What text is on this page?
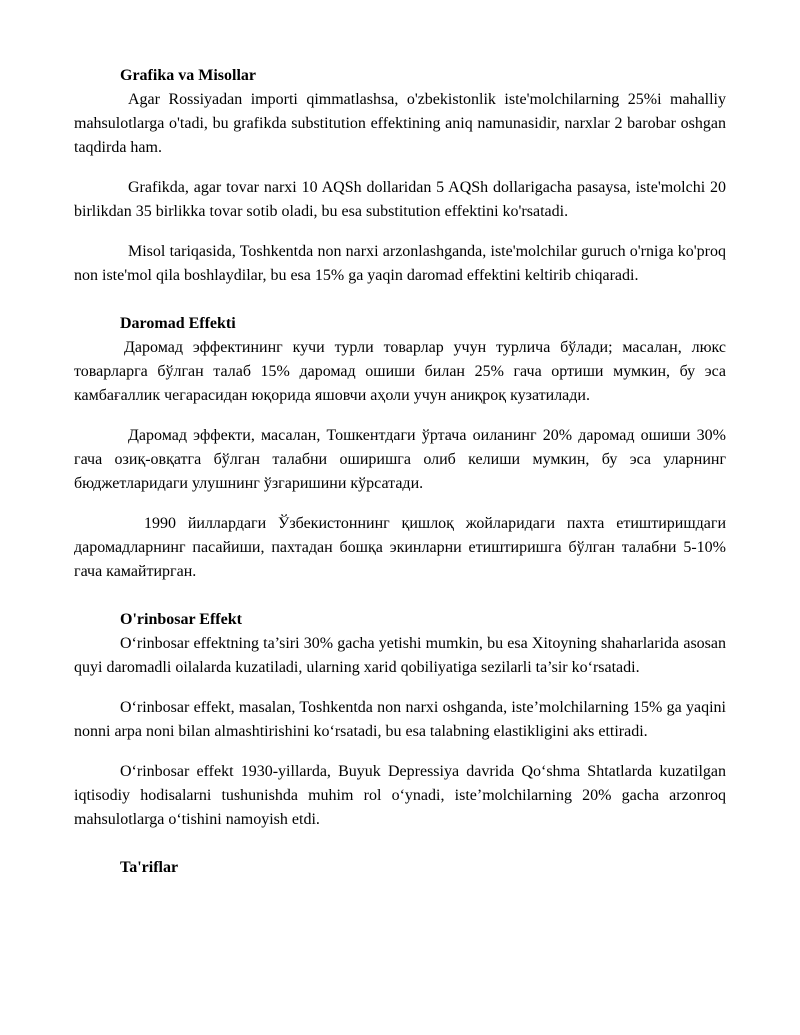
Grafika va Misollar

Agar Rossiyadan importi qimmatlashsa, o'zbekistonlik iste'molchilarning 25%i mahalliy mahsulotlarga o'tadi, bu grafikda substitution effektining aniq namunasidir, narxlar 2 barobar oshgan taqdirda ham.

Grafikda, agar tovar narxi 10 AQSh dollaridan 5 AQSh dollarigacha pasaysa, iste'molchi 20 birlikdan 35 birlikka tovar sotib oladi, bu esa substitution effektini ko'rsatadi.

Misol tariqasida, Toshkentda non narxi arzonlashganda, iste'molchilar guruch o'rniga ko'proq non iste'mol qila boshlaydilar, bu esa 15% ga yaqin daromad effektini keltirib chiqaradi.

Daromad Effekti

Даромад эффектининг кучи турли товарлар учун турлича бўлади; масалан, люкс товарларга бўлган талаб 15% даромад ошиши билан 25% гача ортиши мумкин, бу эса камбағаллик чегарасидан юқорида яшовчи аҳоли учун аниқроқ кузатилади.

Даромад эффекти, масалан, Тошкентдаги ўртача оиланинг 20% даромад ошиши 30% гача озиқ-овқатга бўлган талабни оширишга олиб келиши мумкин, бу эса уларнинг бюджетларидаги улушнинг ўзгаришини кўрсатади.

1990 йиллардаги Ўзбекистоннинг қишлоқ жойларидаги пахта етиштиришдаги даромадларнинг пасайиши, пахтадан бошқа экинларни етиштиришга бўлган талабни 5-10% гача камайтирган.

O'rinbosar Effekt

O‘rinbosar effektning ta’siri 30% gacha yetishi mumkin, bu esa Xitoyning shaharlarida asosan quyi daromadli oilalarda kuzatiladi, ularning xarid qobiliyatiga sezilarli ta’sir ko‘rsatadi.

O‘rinbosar effekt, masalan, Toshkentda non narxi oshganda, iste’molchilarning 15% ga yaqini nonni arpa noni bilan almashtirishini ko‘rsatadi, bu esa talabning elastikligini aks ettiradi.

O‘rinbosar effekt 1930-yillarda, Buyuk Depressiya davrida Qo‘shma Shtatlarda kuzatilgan iqtisodiy hodisalarni tushunishda muhim rol o‘ynadi, iste’molchilarning 20% gacha arzonroq mahsulotlarga o‘tishini namoyish etdi.

Ta'riflar
